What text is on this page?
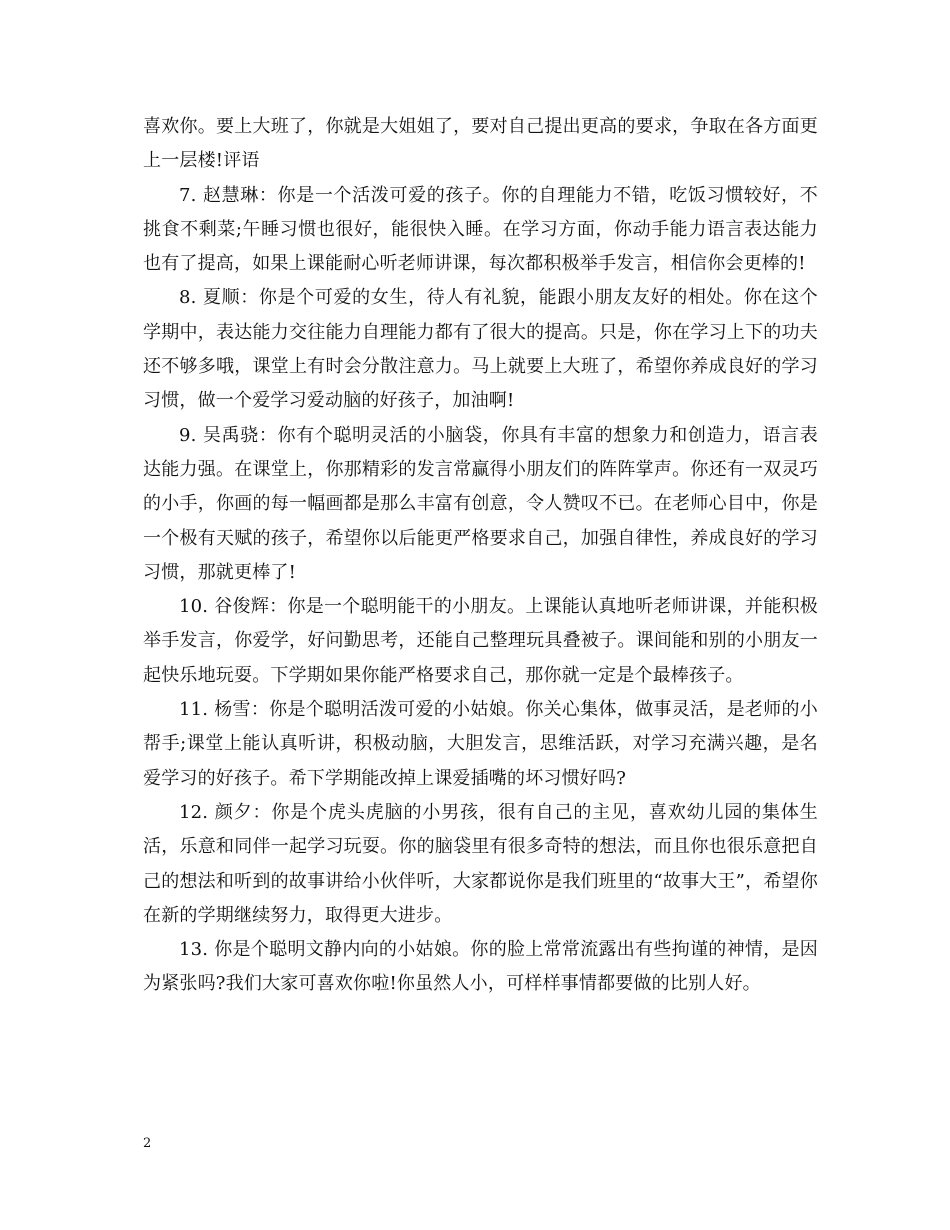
喜欢你。要上大班了，你就是大姐姐了，要对自己提出更高的要求，争取在各方面更上一层楼!评语

7. 赵慧琳：你是一个活泼可爱的孩子。你的自理能力不错，吃饭习惯较好，不挑食不剩菜;午睡习惯也很好，能很快入睡。在学习方面，你动手能力语言表达能力也有了提高，如果上课能耐心听老师讲课，每次都积极举手发言，相信你会更棒的!

8. 夏顺：你是个可爱的女生，待人有礼貌，能跟小朋友友好的相处。你在这个学期中，表达能力交往能力自理能力都有了很大的提高。只是，你在学习上下的功夫还不够多哦，课堂上有时会分散注意力。马上就要上大班了，希望你养成良好的学习习惯，做一个爱学习爱动脑的好孩子，加油啊!

9. 吴禹骁：你有个聪明灵活的小脑袋，你具有丰富的想象力和创造力，语言表达能力强。在课堂上，你那精彩的发言常赢得小朋友们的阵阵掌声。你还有一双灵巧的小手，你画的每一幅画都是那么丰富有创意，令人赞叹不已。在老师心目中，你是一个极有天赋的孩子，希望你以后能更严格要求自己，加强自律性，养成良好的学习习惯，那就更棒了!

10. 谷俊辉：你是一个聪明能干的小朋友。上课能认真地听老师讲课，并能积极举手发言，你爱学，好问勤思考，还能自己整理玩具叠被子。课间能和别的小朋友一起快乐地玩耍。下学期如果你能严格要求自己，那你就一定是个最棒孩子。

11. 杨雪：你是个聪明活泼可爱的小姑娘。你关心集体，做事灵活，是老师的小帮手;课堂上能认真听讲，积极动脑，大胆发言，思维活跃，对学习充满兴趣，是名爱学习的好孩子。希下学期能改掉上课爱插嘴的坏习惯好吗?

12. 颜夕：你是个虎头虎脑的小男孩，很有自己的主见，喜欢幼儿园的集体生活，乐意和同伴一起学习玩耍。你的脑袋里有很多奇特的想法，而且你也很乐意把自己的想法和听到的故事讲给小伙伴听，大家都说你是我们班里的“故事大王”，希望你在新的学期继续努力，取得更大进步。

13. 你是个聪明文静内向的小姑娘。你的脸上常常流露出有些拘谨的神情，是因为紧张吗?我们大家可喜欢你啦!你虽然人小，可样样事情都要做的比别人好。

2
